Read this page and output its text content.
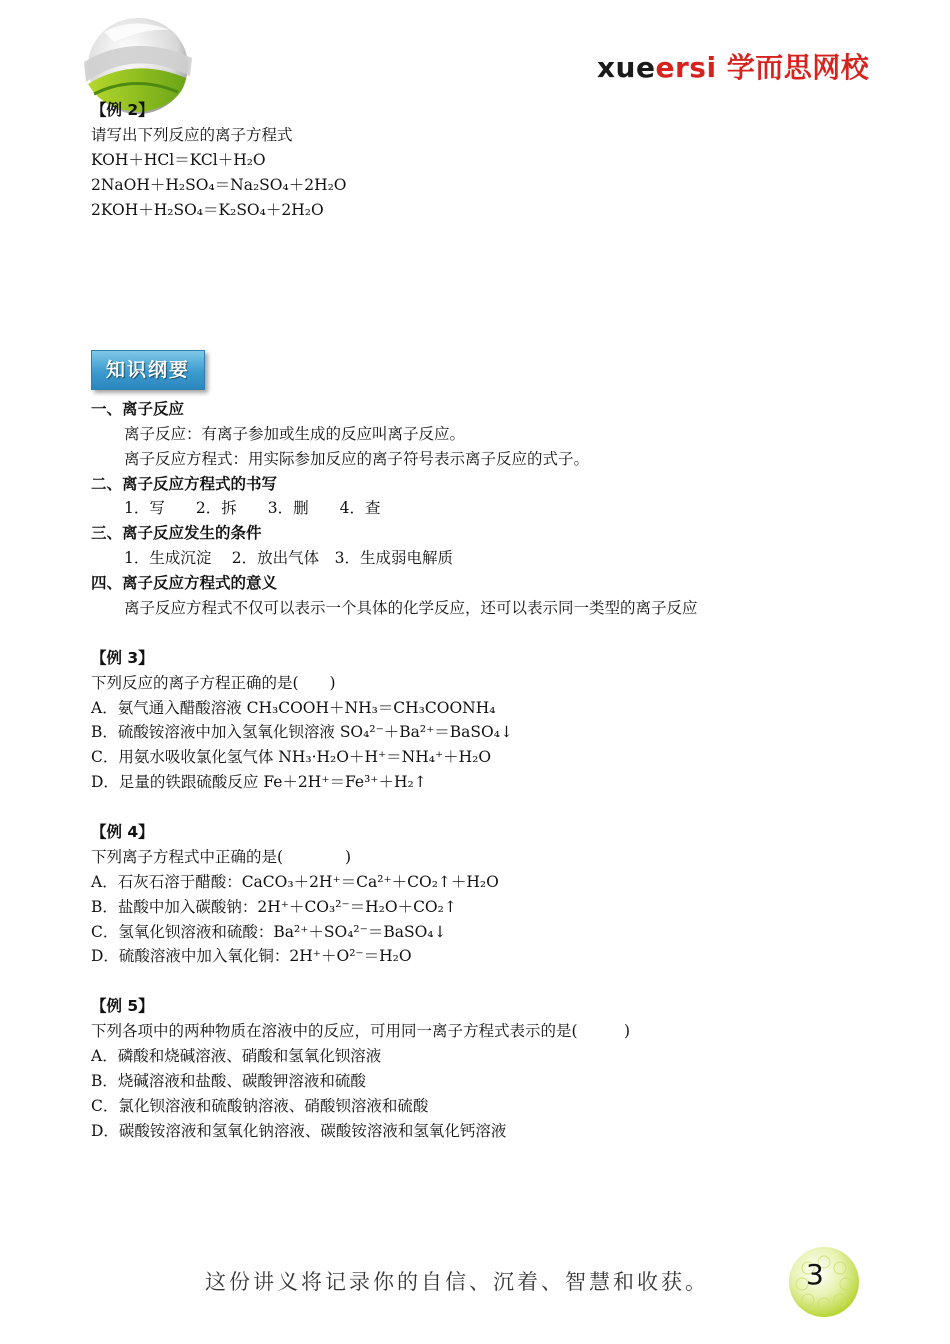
xueersi 学而思网校
【例 2】
请写出下列反应的离子方程式
KOH＋HCl＝KCl＋H₂O
2NaOH＋H₂SO₄＝Na₂SO₄＋2H₂O
2KOH＋H₂SO₄＝K₂SO₄＋2H₂O
知识纲要
一、离子反应
离子反应：有离子参加或生成的反应叫离子反应。
离子反应方程式：用实际参加反应的离子符号表示离子反应的式子。
二、离子反应方程式的书写
1．写　　2．拆　　3．删　　4．查
三、离子反应发生的条件
1．生成沉淀　 2．放出气体　3．生成弱电解质
四、离子反应方程式的意义
离子反应方程式不仅可以表示一个具体的化学反应，还可以表示同一类型的离子反应
【例 3】
下列反应的离子方程正确的是(　　)
A．氨气通入醋酸溶液 CH₃COOH＋NH₃＝CH₃COONH₄
B．硫酸铵溶液中加入氢氧化钡溶液 SO₄²⁻＋Ba²⁺＝BaSO₄↓
C．用氨水吸收氯化氢气体 NH₃·H₂O＋H⁺＝NH₄⁺＋H₂O
D．足量的铁跟硫酸反应 Fe＋2H⁺＝Fe³⁺＋H₂↑
【例 4】
下列离子方程式中正确的是(　　　　)
A．石灰石溶于醋酸：CaCO₃＋2H⁺＝Ca²⁺＋CO₂↑＋H₂O
B．盐酸中加入碳酸钠：2H⁺＋CO₃²⁻＝H₂O＋CO₂↑
C．氢氧化钡溶液和硫酸：Ba²⁺＋SO₄²⁻＝BaSO₄↓
D．硫酸溶液中加入氧化铜：2H⁺＋O²⁻＝H₂O
【例 5】
下列各项中的两种物质在溶液中的反应，可用同一离子方程式表示的是(　　　)
A．磷酸和烧碱溶液、硝酸和氢氧化钡溶液
B．烧碱溶液和盐酸、碳酸钾溶液和硫酸
C．氯化钡溶液和硫酸钠溶液、硝酸钡溶液和硫酸
D．碳酸铵溶液和氢氧化钠溶液、碳酸铵溶液和氢氧化钙溶液
这份讲义将记录你的自信、沉着、智慧和收获。	3
